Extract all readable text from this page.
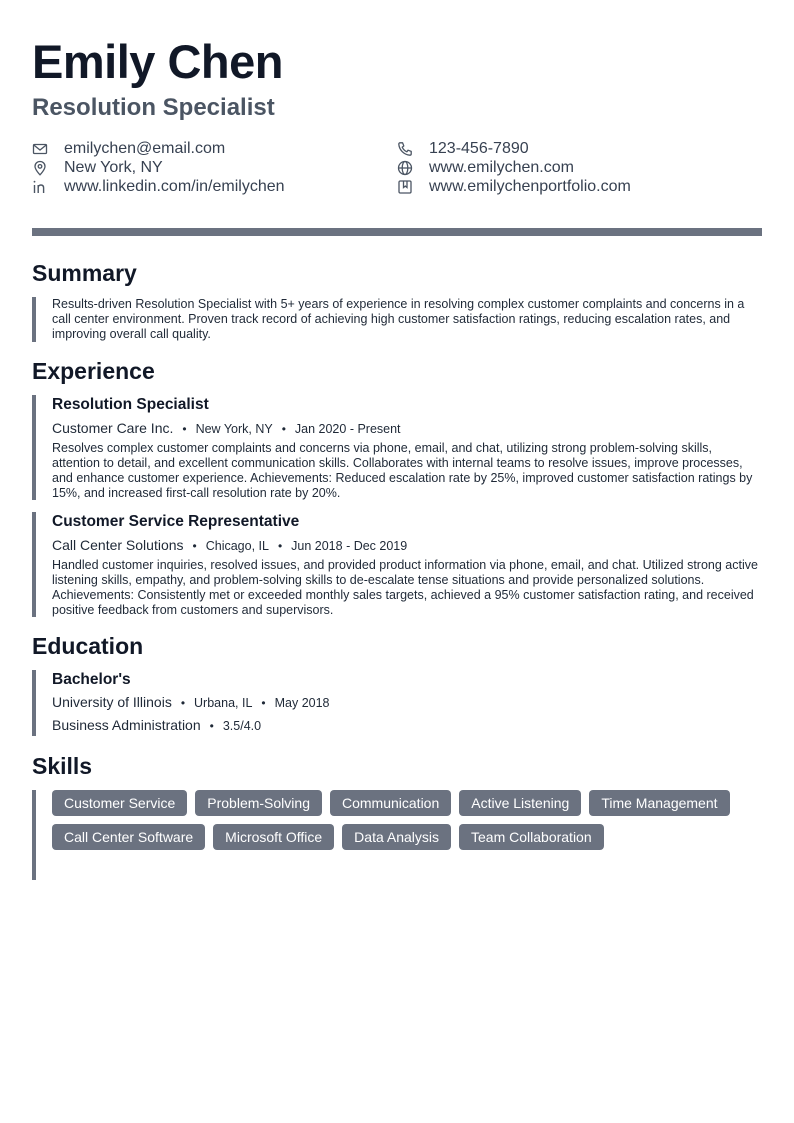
Emily Chen
Resolution Specialist
emilychen@email.com	123-456-7890
New York, NY	www.emilychen.com
www.linkedin.com/in/emilychen	www.emilychenportfolio.com
Summary
Results-driven Resolution Specialist with 5+ years of experience in resolving complex customer complaints and concerns in a call center environment. Proven track record of achieving high customer satisfaction ratings, reducing escalation rates, and improving overall call quality.
Experience
Resolution Specialist
Customer Care Inc. • New York, NY • Jan 2020 - Present
Resolves complex customer complaints and concerns via phone, email, and chat, utilizing strong problem-solving skills, attention to detail, and excellent communication skills. Collaborates with internal teams to resolve issues, improve processes, and enhance customer experience. Achievements: Reduced escalation rate by 25%, improved customer satisfaction ratings by 15%, and increased first-call resolution rate by 20%.
Customer Service Representative
Call Center Solutions • Chicago, IL • Jun 2018 - Dec 2019
Handled customer inquiries, resolved issues, and provided product information via phone, email, and chat. Utilized strong active listening skills, empathy, and problem-solving skills to de-escalate tense situations and provide personalized solutions. Achievements: Consistently met or exceeded monthly sales targets, achieved a 95% customer satisfaction rating, and received positive feedback from customers and supervisors.
Education
Bachelor's
University of Illinois • Urbana, IL • May 2018
Business Administration • 3.5/4.0
Skills
Customer Service	Problem-Solving	Communication	Active Listening	Time Management
Call Center Software	Microsoft Office	Data Analysis	Team Collaboration
